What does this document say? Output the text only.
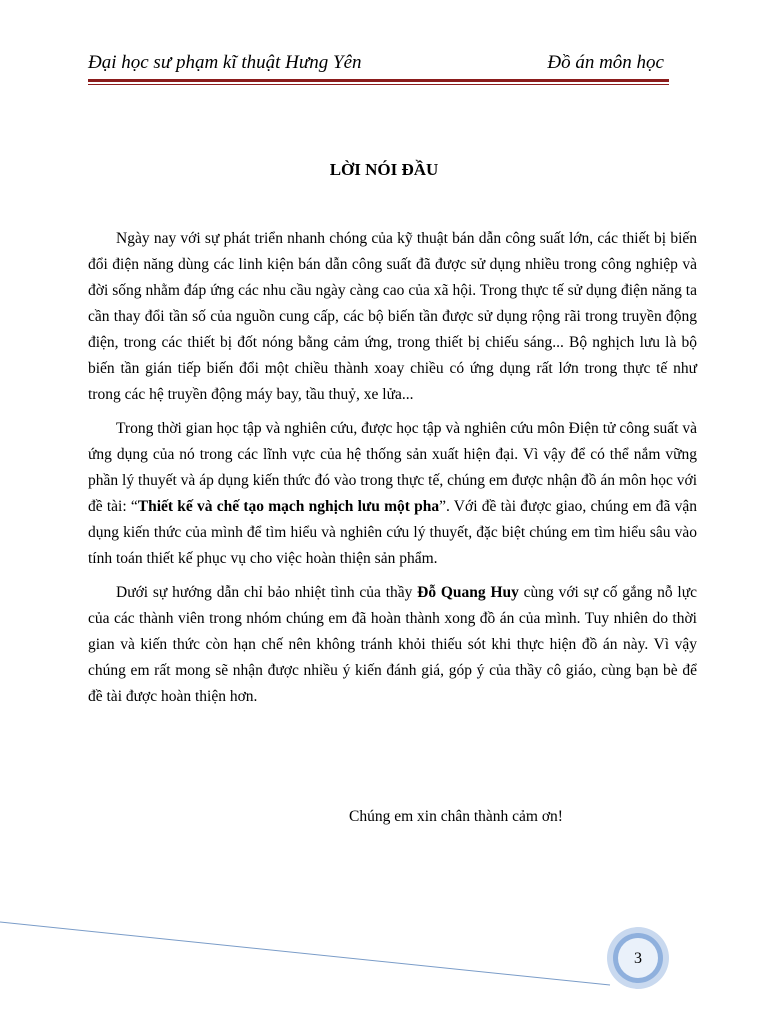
Đại học sư phạm kĩ thuật Hưng Yên	Đồ án môn học
LỜI NÓI ĐẦU

Ngày nay với sự phát triển nhanh chóng của kỹ thuật bán dẫn công suất lớn, các thiết bị biến đổi điện năng dùng các linh kiện bán dẫn công suất đã được sử dụng nhiều trong công nghiệp và đời sống nhằm đáp ứng các nhu cầu ngày càng cao của xã hội. Trong thực tế sử dụng điện năng ta cần thay đổi tần số của nguồn cung cấp, các bộ biến tần được sử dụng rộng rãi trong truyền động điện, trong các thiết bị đốt nóng bằng cảm ứng, trong thiết bị chiếu sáng... Bộ nghịch lưu là bộ biến tần gián tiếp biến đổi một chiều thành xoay chiều có ứng dụng rất lớn trong thực tế như trong các hệ truyền động máy bay, tầu thuỷ, xe lửa...

Trong thời gian học tập và nghiên cứu, được học tập và nghiên cứu môn Điện tử công suất và ứng dụng của nó trong các lĩnh vực của hệ thống sản xuất hiện đại. Vì vậy để có thể nắm vững phần lý thuyết và áp dụng kiến thức đó vào trong thực tế, chúng em được nhận đồ án môn học với đề tài: “Thiết kế và chế tạo mạch nghịch lưu một pha”. Với đề tài được giao, chúng em đã vận dụng kiến thức của mình để tìm hiểu và nghiên cứu lý thuyết, đặc biệt chúng em tìm hiểu sâu vào tính toán thiết kế phục vụ cho việc hoàn thiện sản phẩm.

Dưới sự hướng dẫn chỉ bảo nhiệt tình của thầy Đỗ Quang Huy cùng với sự cố gắng nỗ lực của các thành viên trong nhóm chúng em đã hoàn thành xong đồ án của mình. Tuy nhiên do thời gian và kiến thức còn hạn chế nên không tránh khỏi thiếu sót khi thực hiện đồ án này. Vì vậy chúng em rất mong sẽ nhận được nhiều ý kiến đánh giá, góp ý của thầy cô giáo, cùng bạn bè để đề tài được hoàn thiện hơn.

Chúng em xin chân thành cảm ơn!
3
